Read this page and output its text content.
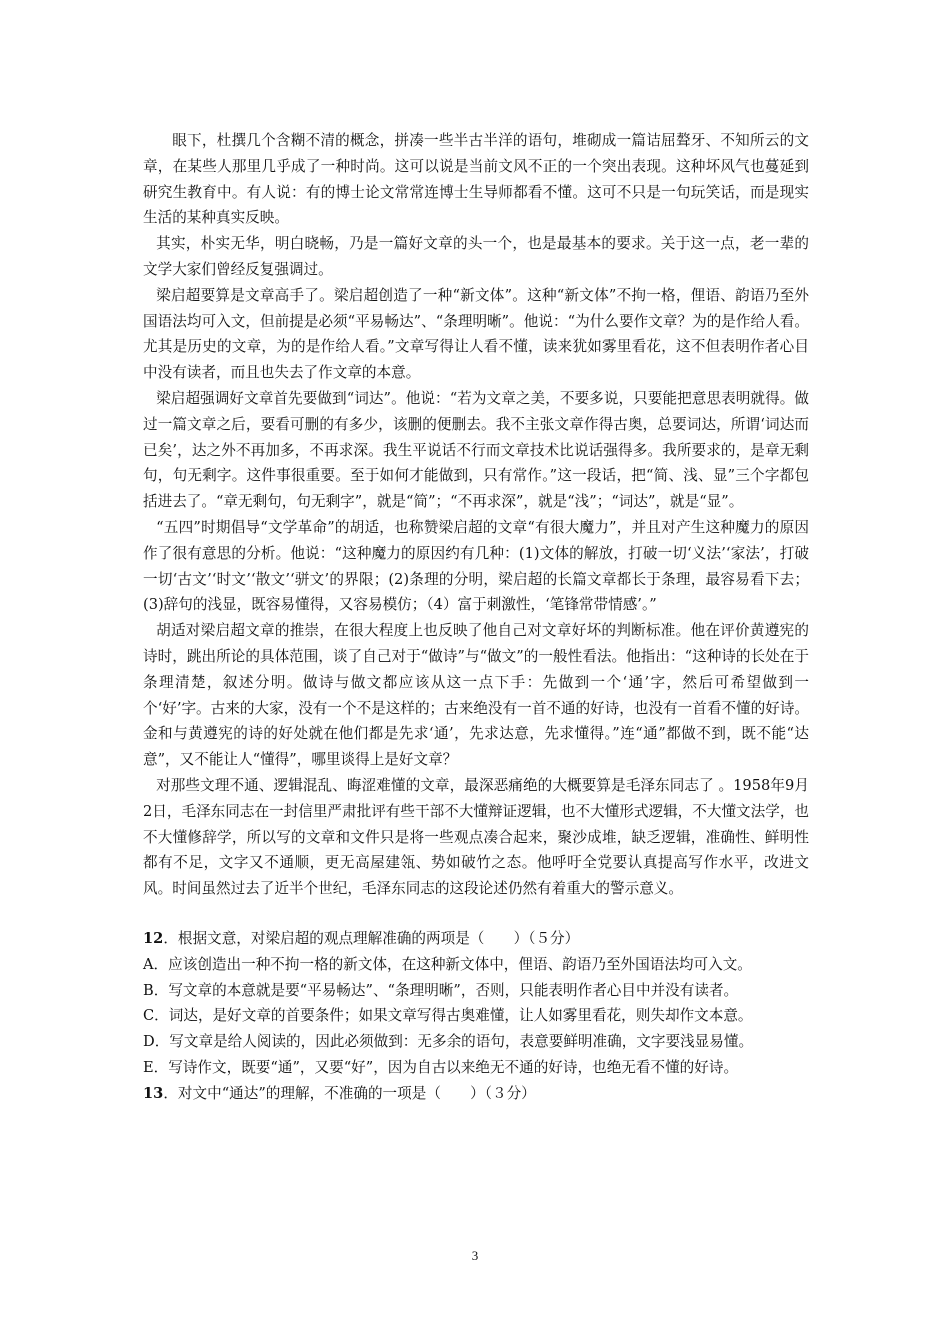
眼下，杜撰几个含糊不清的概念，拼凑一些半古半洋的语句，堆砌成一篇诘屈聱牙、不知所云的文章，在某些人那里几乎成了一种时尚。这可以说是当前文风不正的一个突出表现。这种坏风气也蔓延到研究生教育中。有人说：有的博士论文常常连博士生导师都看不懂。这可不只是一句玩笑话，而是现实生活的某种真实反映。

其实，朴实无华，明白晓畅，乃是一篇好文章的头一个，也是最基本的要求。关于这一点，老一辈的文学大家们曾经反复强调过。

梁启超要算是文章高手了。梁启超创造了一种“新文体”。这种“新文体”不拘一格，俚语、韵语乃至外国语法均可入文，但前提是必须“平易畅达”、“条理明晰”。他说：“为什么要作文章？为的是作给人看。尤其是历史的文章，为的是作给人看。”文章写得让人看不懂，读来犹如雾里看花，这不但表明作者心目中没有读者，而且也失去了作文章的本意。

梁启超强调好文章首先要做到“词达”。他说：“若为文章之美，不要多说，只要能把意思表明就得。做过一篇文章之后，要看可删的有多少，该删的便删去。我不主张文章作得古奥，总要词达，所谓‘词达而已矣’，达之外不再加多，不再求深。我生平说话不行而文章技术比说话强得多。我所要求的，是章无剩句，句无剩字。这件事很重要。至于如何才能做到，只有常作。”这一段话，把“简、浅、显”三个字都包括进去了。“章无剩句，句无剩字”，就是“简”；“不再求深”，就是“浅”；“词达”，就是“显”。

“五四”时期倡导“文学革命”的胡适，也称赞梁启超的文章“有很大魔力”，并且对产生这种魔力的原因作了很有意思的分析。他说：“这种魔力的原因约有几种：(1)文体的解放，打破一切‘义法’‘家法’，打破一切‘古文’‘时文’‘散文’‘骈文’的界限；(2)条理的分明，梁启超的长篇文章都长于条理，最容易看下去；(3)辞句的浅显，既容易懂得，又容易模仿；（4）富于刺激性，‘笔锋常带情感’。”

胡适对梁启超文章的推崇，在很大程度上也反映了他自己对文章好坏的判断标准。他在评价黄遵宪的诗时，跳出所论的具体范围，谈了自己对于“做诗”与“做文”的一般性看法。他指出：“这种诗的长处在于条理清楚，叙述分明。做诗与做文都应该从这一点下手：先做到一个‘通’字，然后可希望做到一个‘好’字。古来的大家，没有一个不是这样的；古来绝没有一首不通的好诗，也没有一首看不懂的好诗。金和与黄遵宪的诗的好处就在他们都是先求‘通’，先求达意，先求懂得。”连“通”都做不到，既不能“达意”，又不能让人“懂得”，哪里谈得上是好文章？

对那些文理不通、逻辑混乱、晦涩难懂的文章，最深恶痛绝的大概要算是毛泽东同志了 。1958年9月2日，毛泽东同志在一封信里严肃批评有些干部不大懂辩证逻辑，也不大懂形式逻辑，不大懂文法学，也不大懂修辞学，所以写的文章和文件只是将一些观点凑合起来，聚沙成堆，缺乏逻辑，准确性、鲜明性都有不足，文字又不通顺，更无高屋建瓴、势如破竹之态。他呼吁全党要认真提高写作水平，改进文风。时间虽然过去了近半个世纪，毛泽东同志的这段论述仍然有着重大的警示意义。

12．根据文意，对梁启超的观点理解准确的两项是（　　）（５分）

A．应该创造出一种不拘一格的新文体，在这种新文体中，俚语、韵语乃至外国语法均可入文。

B．写文章的本意就是要“平易畅达”、“条理明晰”，否则，只能表明作者心目中并没有读者。

C．词达，是好文章的首要条件；如果文章写得古奥难懂，让人如雾里看花，则失却作文本意。

D．写文章是给人阅读的，因此必须做到：无多余的语句，表意要鲜明准确，文字要浅显易懂。

E．写诗作文，既要“通”，又要“好”，因为自古以来绝无不通的好诗，也绝无看不懂的好诗。

13．对文中“通达”的理解，不准确的一项是（　　）（３分）

3
